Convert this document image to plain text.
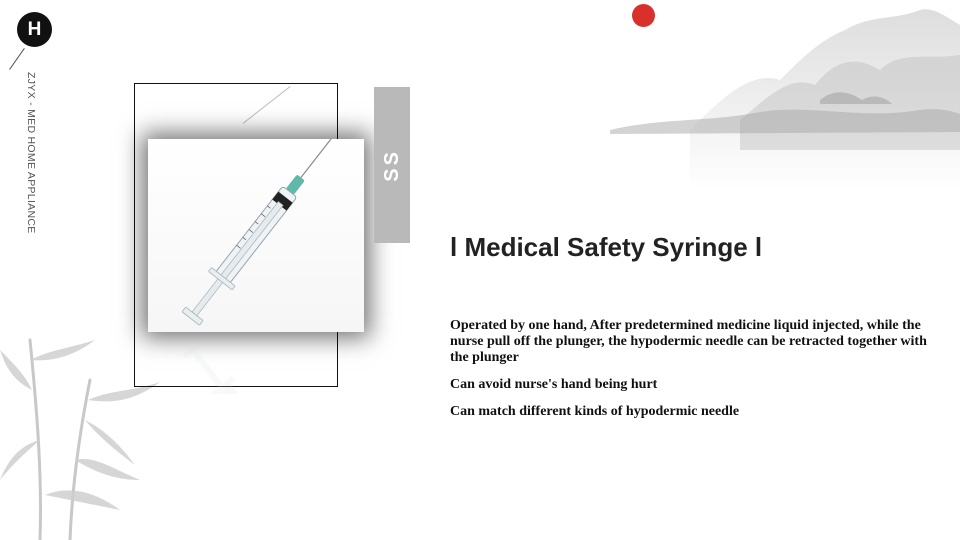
H
ZJYX - MED HOME APPLIANCE	SS
l Medical Safety Syringe l

Operated by one hand, After predetermined medicine liquid injected, while the nurse pull off the plunger, the hypodermic needle can be retracted together with the plunger

Can avoid nurse's hand being hurt

Can match different kinds of hypodermic needle
